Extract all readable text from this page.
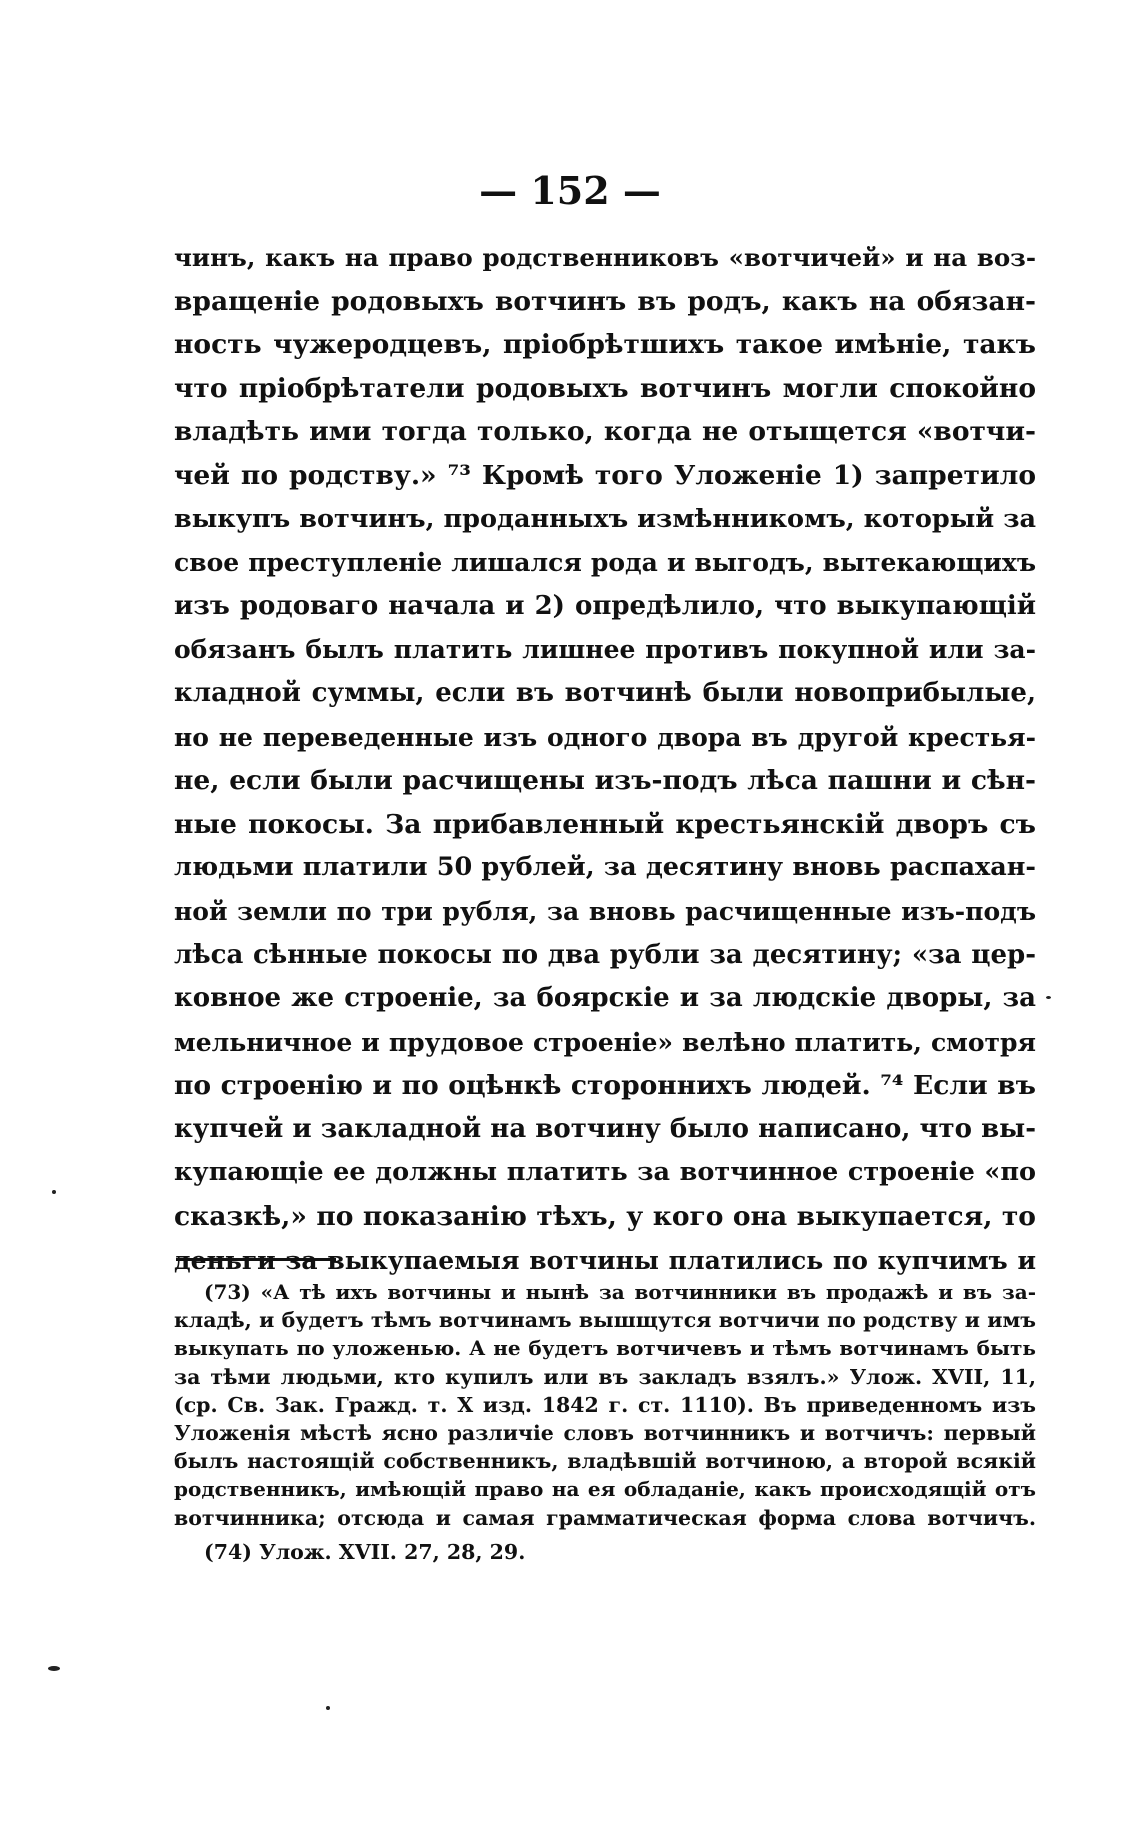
— 152 —
чинъ, какъ на право родственниковъ «вотчичей» и на воз-
вращеніе родовыхъ вотчинъ въ родъ, какъ на обязан-
ность чужеродцевъ, пріобрѣтшихъ такое имѣніе, такъ
что пріобрѣтатели родовыхъ вотчинъ могли спокойно
владѣть ими тогда только, когда не отыщется «вотчи-
чей по родству.» ⁷³ Кромѣ того Уложеніе 1) запретило
выкупъ вотчинъ, проданныхъ измѣнникомъ, который за
свое преступленіе лишался рода и выгодъ, вытекающихъ
изъ родоваго начала и 2) опредѣлило, что выкупающій
обязанъ былъ платить лишнее противъ покупной или за-
кладной суммы, если въ вотчинѣ были новоприбылые,
но не переведенные изъ одного двора въ другой крестья-
не, если были расчищены изъ-подъ лѣса пашни и сѣн-
ные покосы. За прибавленный крестьянскій дворъ съ
людьми платили 50 рублей, за десятину вновь распахан-
ной земли по три рубля, за вновь расчищенные изъ-подъ
лѣса сѣнные покосы по два рубли за десятину; «за цер-
ковное же строеніе, за боярскіе и за людскіе дворы, за
мельничное и прудовое строеніе» велѣно платить, смотря
по строенію и по оцѣнкѣ стороннихъ людей. ⁷⁴ Если въ
купчей и закладной на вотчину было написано, что вы-
купающіе ее должны платить за вотчинное строеніе «по
сказкѣ,» по показанію тѣхъ, у кого она выкупается, то
деньги за выкупаемыя вотчины платились по купчимъ и
(73) «А тѣ ихъ вотчины и нынѣ за вотчинники въ продажѣ и въ за-
кладѣ, и будетъ тѣмъ вотчинамъ вышщутся вотчичи по родству и имъ
выкупать по уложенью. А не будетъ вотчичевъ и тѣмъ вотчинамъ быть
за тѣми людьми, кто купилъ или въ закладъ взялъ.» Улож. XVII, 11,
(ср. Св. Зак. Гражд. т. X изд. 1842 г. ст. 1110). Въ приведенномъ изъ
Уложенія мѣстѣ ясно различіе словъ вотчинникъ и вотчичъ: первый
былъ настоящій собственникъ, владѣвшій вотчиною, а второй всякій
родственникъ, имѣющій право на ея обладаніе, какъ происходящій отъ
вотчинника; отсюда и самая грамматическая форма слова вотчичъ.
(74) Улож. XVII. 27, 28, 29.
